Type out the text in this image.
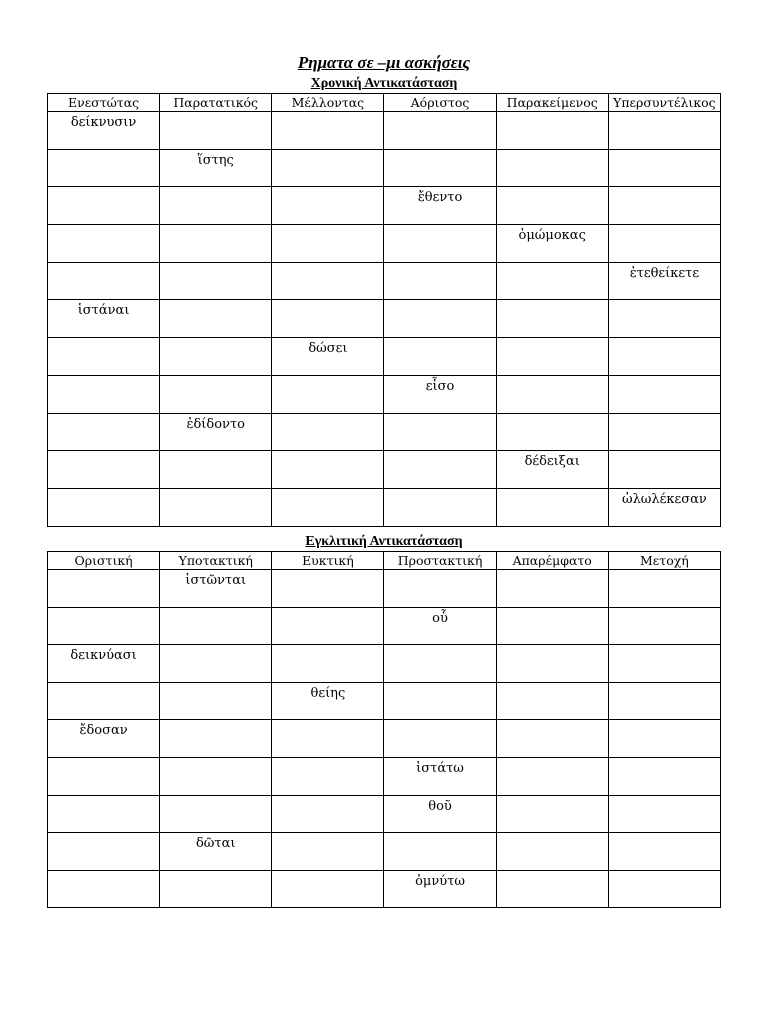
Ρηματα σε –μι ασκήσεις
Χρονική Αντικατάσταση
Ενεστώτας	Παρατατικός	Μέλλοντας	Αόριστος	Παρακείμενος	Υπερσυντέλικος
δείκνυσιν					
	ἵστης				
			ἔθεντο		
				ὀμώμοκας	
					ἐτεθείκετε
ἱστάναι					
		δώσει			
			εἷσο		
	ἐδίδοντο				
				δέδειξαι	
					ὠλωλέκεσαν
Εγκλιτική Αντικατάσταση
Οριστική	Υποτακτική	Ευκτική	Προστακτική	Απαρέμφατο	Μετοχή
	ἱστῶνται				
			οὗ		
δεικνύασι					
		θείης			
ἔδοσαν					
			ἱστάτω		
			θοῦ		
	δῶται				
			ὀμνύτω		
